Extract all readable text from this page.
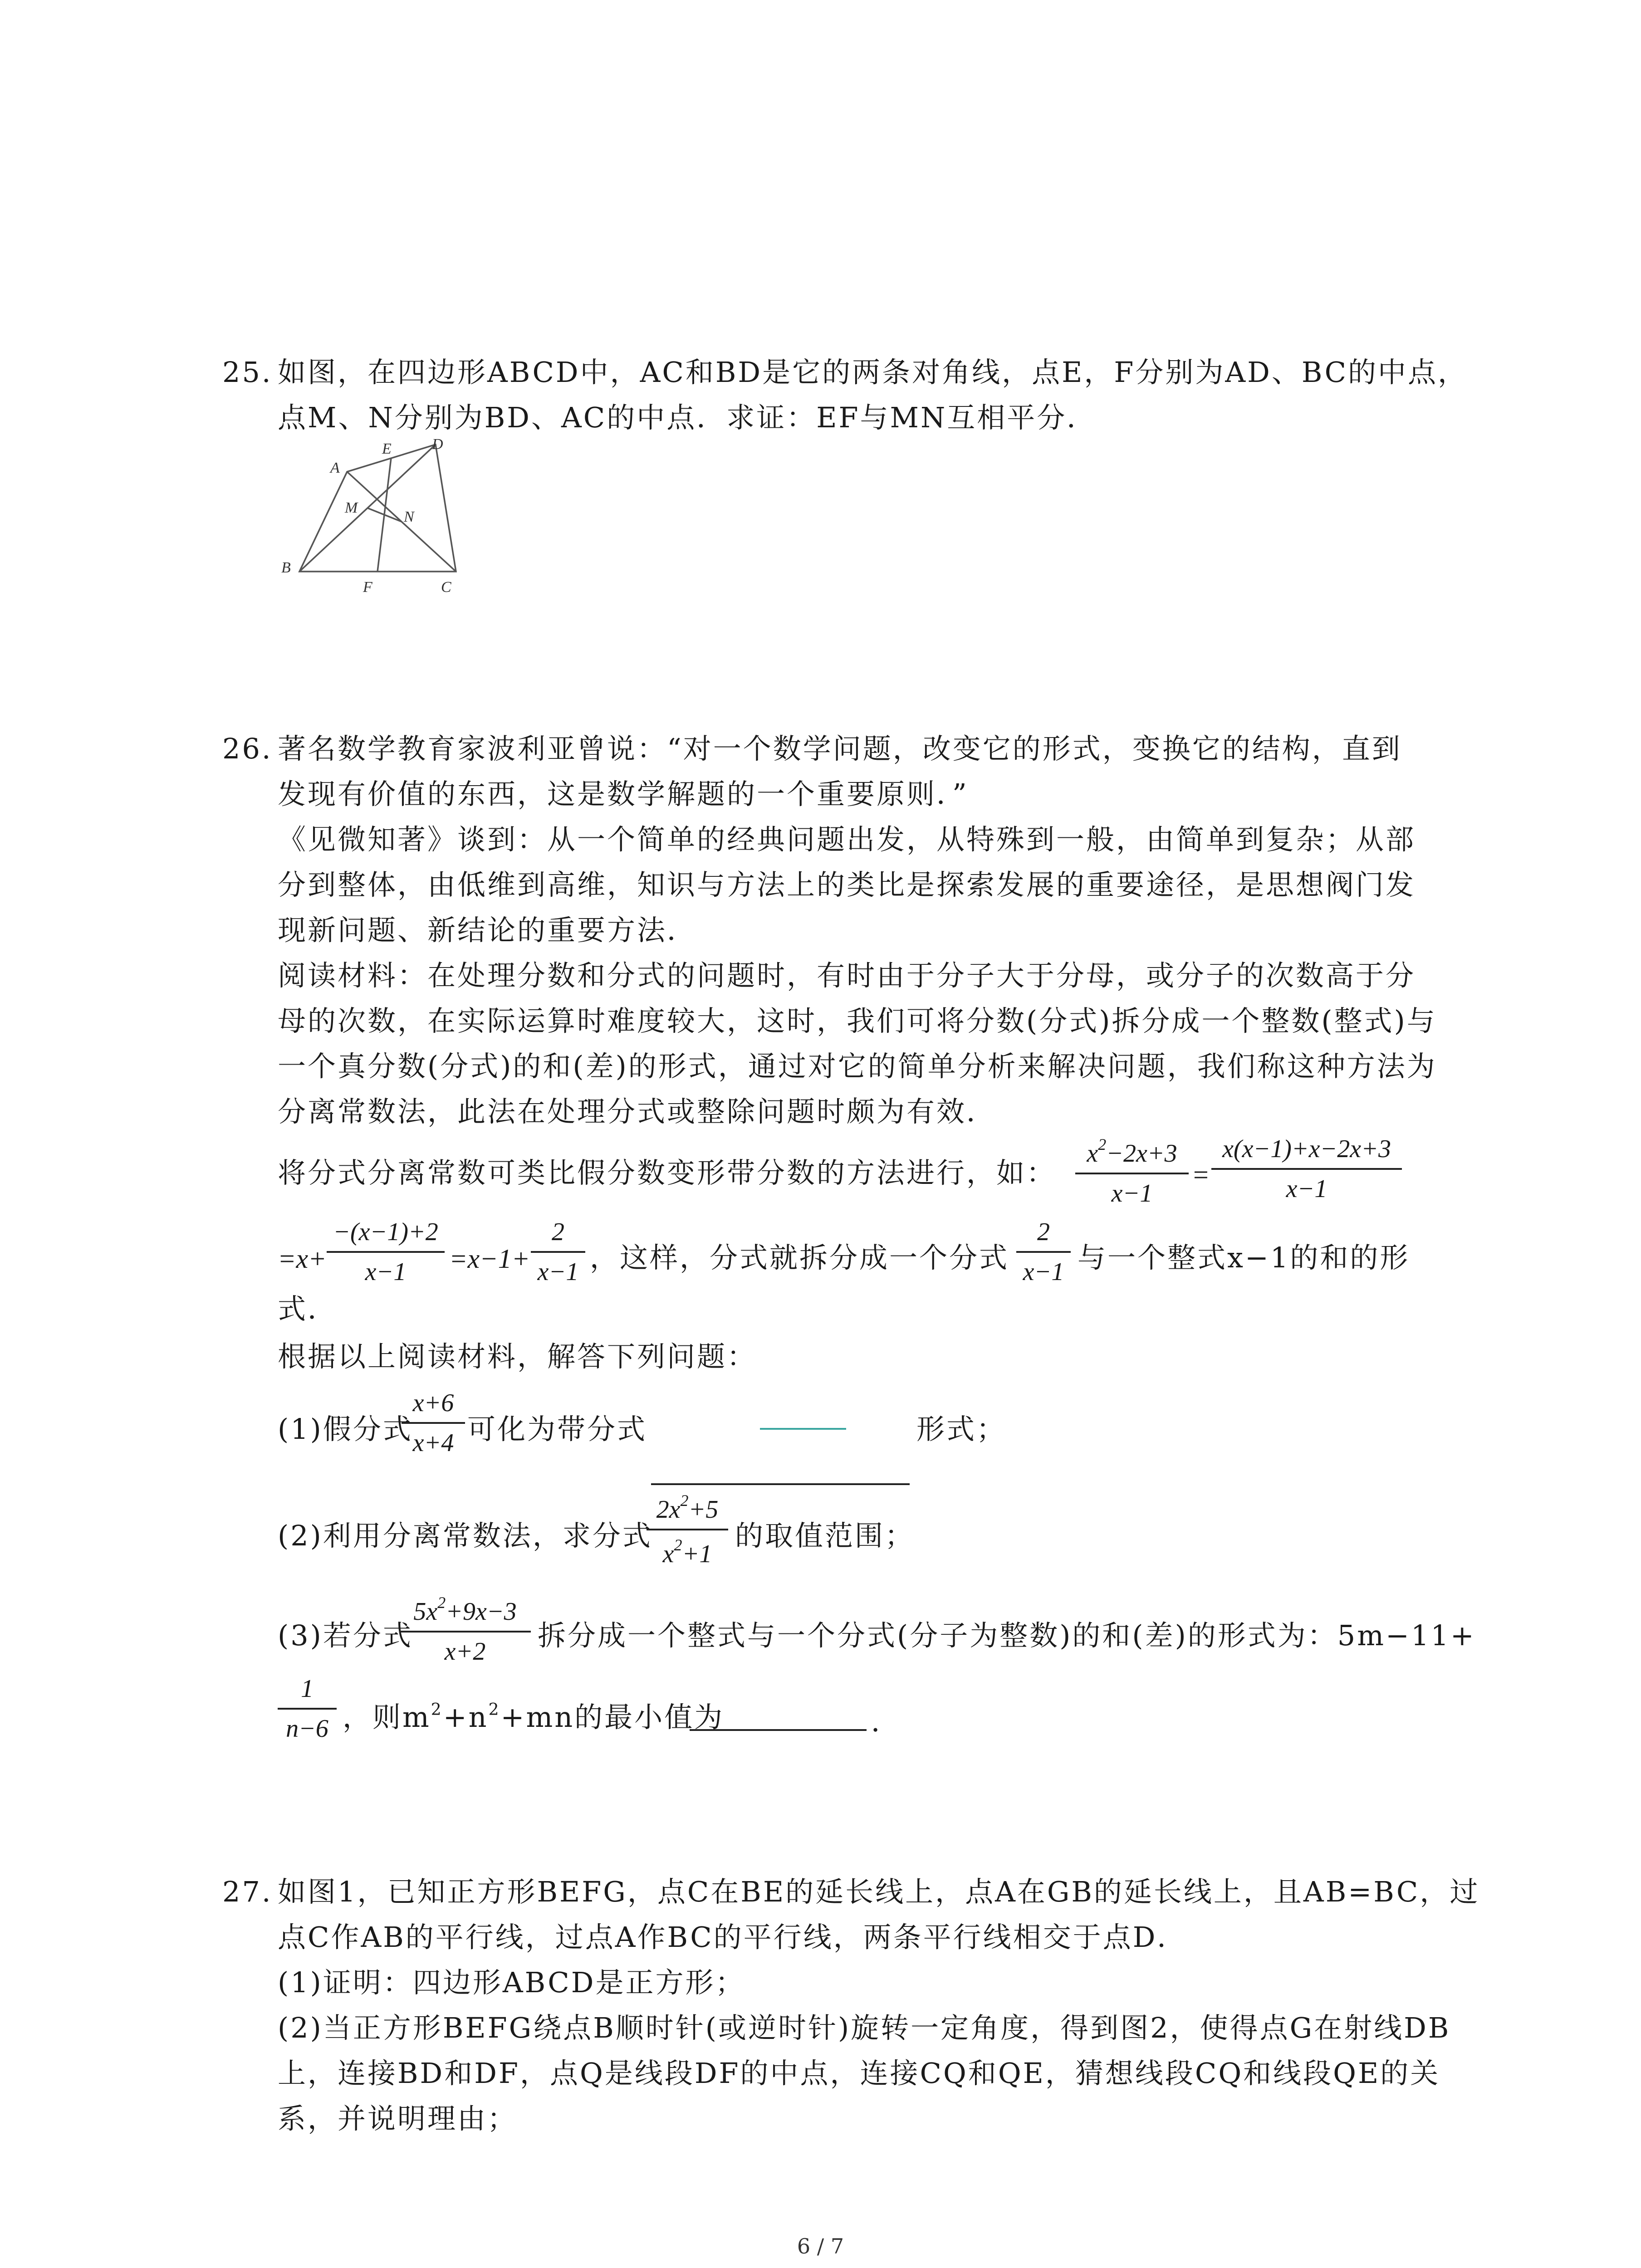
25. 如图，在四边形ABCD中，AC和BD是它的两条对角线，点E，F分别为AD、BC的中点，
点M、N分别为BD、AC的中点．求证：EF与MN互相平分．
A
E	D
M
N
B
F	C
26. 著名数学教育家波利亚曾说：“对一个数学问题，改变它的形式，变换它的结构，直到
发现有价值的东西，这是数学解题的一个重要原则．”
《见微知著》谈到：从一个简单的经典问题出发，从特殊到一般，由简单到复杂；从部
分到整体，由低维到高维，知识与方法上的类比是探索发展的重要途径，是思想阀门发
现新问题、新结论的重要方法．
阅读材料：在处理分数和分式的问题时，有时由于分子大于分母，或分子的次数高于分
母的次数，在实际运算时难度较大，这时，我们可将分数(分式)拆分成一个整数(整式)与
一个真分数(分式)的和(差)的形式，通过对它的简单分析来解决问题，我们称这种方法为
分离常数法，此法在处理分式或整除问题时颇为有效．
将分式分离常数可类比假分数变形带分数的方法进行，如：
$x^2-2x+3$
x−1
=
x(x−1)+x−2x+3
x−1
=x+
−(x−1)+2
x−1	=x−1+
2
x−1 ，这样，分式就拆分成一个分式
2
x−1 与一个整式x−1的和的形
式．
根据以上阅读材料，解答下列问题：
(1)假分式
x+6
x+4 可化为带分式	形式；
(2)利用分离常数法，求分式
$2x^2+5$
$x^2+1$
的取值范围；
(3)若分式
$5x^2+9x-3$
x+2	拆分成一个整式与一个分式(分子为整数)的和(差)的形式为：5m−11+
1
n−6 ，则$m^2+n^2+mn$的最小值为	．
27. 如图1，已知正方形BEFG，点C在BE的延长线上，点A在GB的延长线上，且AB=BC，过
点C作AB的平行线，过点A作BC的平行线，两条平行线相交于点D．
(1)证明：四边形ABCD是正方形；
(2)当正方形BEFG绕点B顺时针(或逆时针)旋转一定角度，得到图2，使得点G在射线DB
上，连接BD和DF，点Q是线段DF的中点，连接CQ和QE，猜想线段CQ和线段QE的关
系，并说明理由；
6 / 7
